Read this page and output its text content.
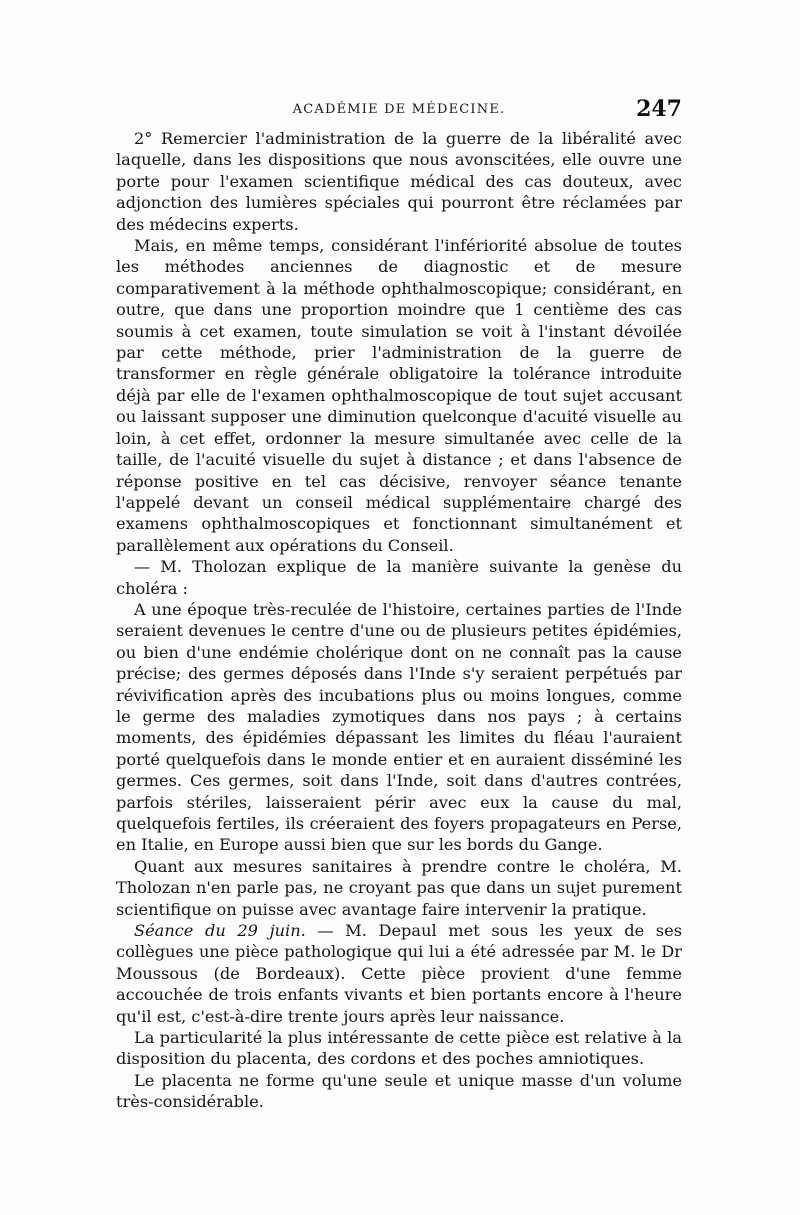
ACADÉMIE DE MÉDECINE.	247

2° Remercier l'administration de la guerre de la libéralité avec laquelle, dans les dispositions que nous avonscitées, elle ouvre une porte pour l'examen scientifique médical des cas douteux, avec adjonction des lumières spéciales qui pourront être réclamées par des médecins experts.

Mais, en même temps, considérant l'infériorité absolue de toutes les méthodes anciennes de diagnostic et de mesure comparativement à la méthode ophthalmoscopique; considérant, en outre, que dans une proportion moindre que 1 centième des cas soumis à cet examen, toute simulation se voit à l'instant dévoilée par cette méthode, prier l'administration de la guerre de transformer en règle générale obligatoire la tolérance introduite déjà par elle de l'examen ophthalmoscopique de tout sujet accusant ou laissant supposer une diminution quelconque d'acuité visuelle au loin, à cet effet, ordonner la mesure simultanée avec celle de la taille, de l'acuité visuelle du sujet à distance ; et dans l'absence de réponse positive en tel cas décisive, renvoyer séance tenante l'appelé devant un conseil médical supplémentaire chargé des examens ophthalmoscopiques et fonctionnant simultanément et parallèlement aux opérations du Conseil.

— M. Tholozan explique de la manière suivante la genèse du choléra :

A une époque très-reculée de l'histoire, certaines parties de l'Inde seraient devenues le centre d'une ou de plusieurs petites épidémies, ou bien d'une endémie cholérique dont on ne connaît pas la cause précise; des germes déposés dans l'Inde s'y seraient perpétués par révivification après des incubations plus ou moins longues, comme le germe des maladies zymotiques dans nos pays ; à certains moments, des épidémies dépassant les limites du fléau l'auraient porté quelquefois dans le monde entier et en auraient disséminé les germes. Ces germes, soit dans l'Inde, soit dans d'autres contrées, parfois stériles, laisseraient périr avec eux la cause du mal, quelquefois fertiles, ils créeraient des foyers propagateurs en Perse, en Italie, en Europe aussi bien que sur les bords du Gange.

Quant aux mesures sanitaires à prendre contre le choléra, M. Tholozan n'en parle pas, ne croyant pas que dans un sujet purement scientifique on puisse avec avantage faire intervenir la pratique.

Séance du 29 juin. — M. Depaul met sous les yeux de ses collègues une pièce pathologique qui lui a été adressée par M. le Dr Moussous (de Bordeaux). Cette pièce provient d'une femme accouchée de trois enfants vivants et bien portants encore à l'heure qu'il est, c'est-à-dire trente jours après leur naissance.

La particularité la plus intéressante de cette pièce est relative à la disposition du placenta, des cordons et des poches amniotiques.

Le placenta ne forme qu'une seule et unique masse d'un volume très-considérable.
